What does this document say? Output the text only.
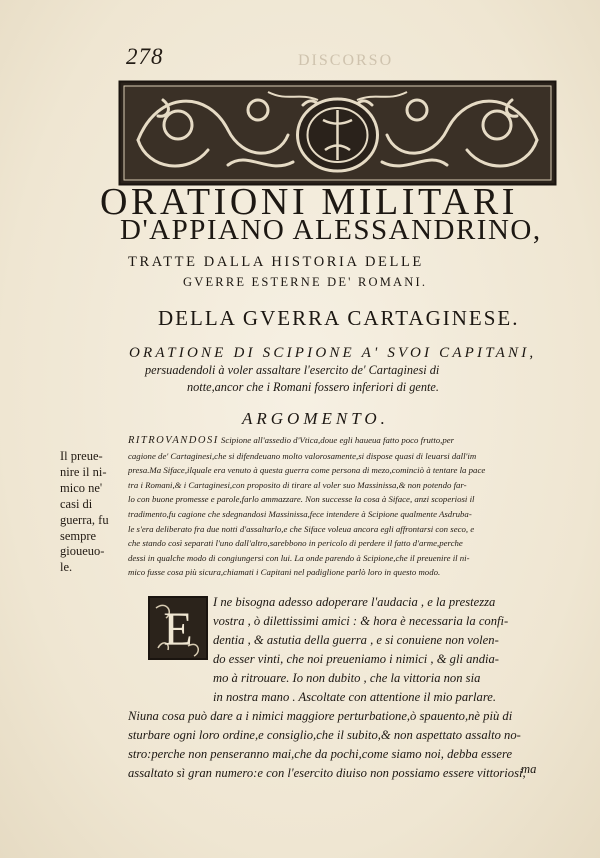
278	DISCORSO
ORATIONI MILITARI
D'APPIANO ALESSANDRINO,
TRATTE DALLA HISTORIA DELLE
GVERRE ESTERNE DE' ROMANI.
DELLA GVERRA CARTAGINESE.
ORATIONE DI SCIPIONE A' SVOI CAPITANI,
persuadendoli à voler assaltare l'esercito de' Cartaginesi di
notte,ancor che i Romani fossero inferiori di gente.
ARGOMENTO.
RITROVANDOSI Scipione all'assedio d'Vtica,doue egli haueua fatto poco frutto,per
cagione de' Cartaginesi,che si difendeuano molto valorosamente,si dispose quasi di leuarsi dall'im
presa.Ma Siface,ilquale era venuto à questa guerra come persona di mezo,cominciò à tentare la pace
tra i Romani,& i Cartaginesi,con proposito di tirare al voler suo Massinissa,& non potendo far-
lo con buone promesse e parole,farlo ammazzare. Non successe la cosa à Siface, anzi scoperiosi il
tradimento,fu cagione che sdegnandosi Massinissa,fece intendere à Scipione qualmente Asdruba-
le s'era deliberato fra due notti d'assaltarlo,e che Siface voleua ancora egli affrontarsi con seco, e
che stando così separati l'uno dall'altro,sarebbono in pericolo di perdere il fatto d'arme,perche
dessi in qualche modo di congiungersi con lui. La onde parendo à Scipione,che il preuenire il ni-
mico fusse cosa più sicura,chiamati i Capitani nel padiglione parlò loro in questo modo.
Il preue-
nire il ni-
mico ne'
casi di
guerra, fu
sempre
gioueuo-
le.
E
I ne bisogna adesso adoperare l'audacia , e la prestezza
vostra , ò dilettissimi amici : & hora è necessaria la confi-
dentia , & astutia della guerra , e si conuiene non volen-
do esser vinti, che noi preueniamo i nimici , & gli andia-
mo à ritrouare. Io non dubito , che la vittoria non sia
in nostra mano . Ascoltate con attentione il mio parlare.
Niuna cosa può dare a i nimici maggiore perturbatione,ò spauento,nè più di
sturbare ogni loro ordine,e consiglio,che il subito,& non aspettato assalto no-
stro:perche non penseranno mai,che da pochi,come siamo noi, debba essere
assaltato sì gran numero:e con l'esercito diuiso non possiamo essere vittoriosi,
ma
